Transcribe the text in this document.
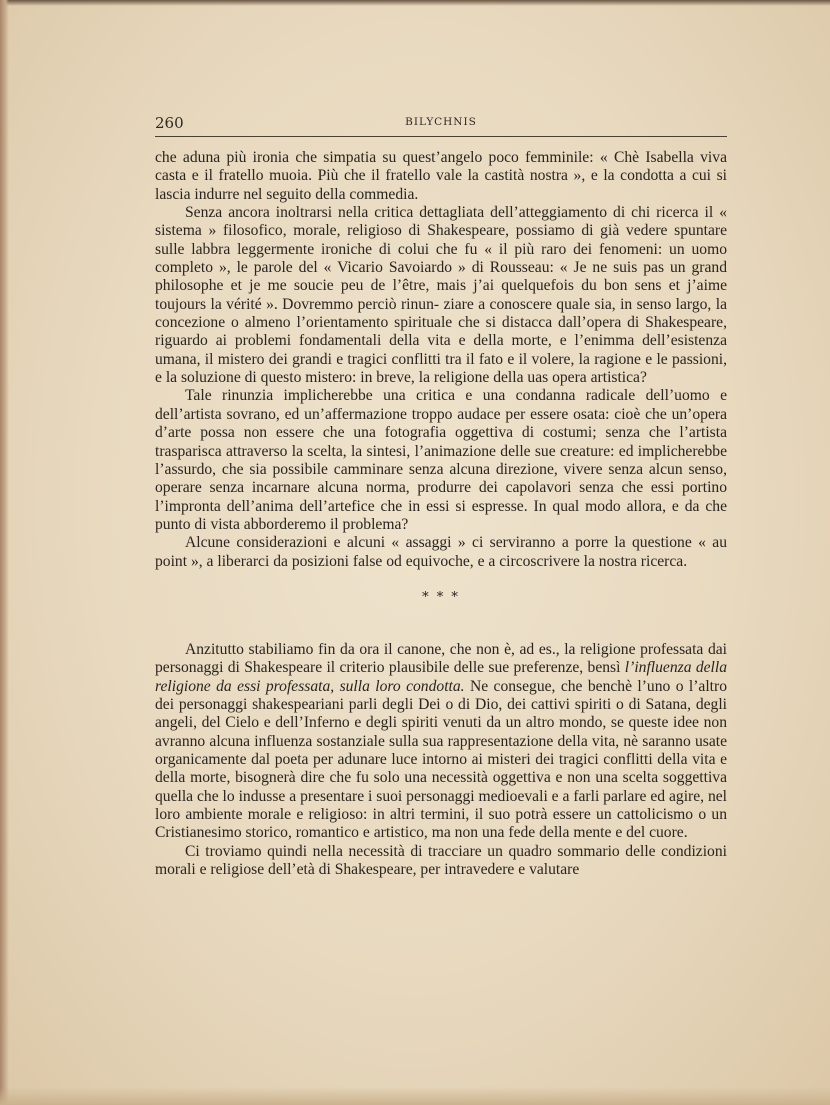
260	BILYCHNIS

che aduna più ironia che simpatia su quest’angelo poco femminile: « Chè Isabella viva casta e il fratello muoia. Più che il fratello vale la castità nostra », e la condotta a cui si lascia indurre nel seguito della commedia.

Senza ancora inoltrarsi nella critica dettagliata dell’atteggiamento di chi ricerca il « sistema » filosofico, morale, religioso di Shakespeare, possiamo di già vedere spuntare sulle labbra leggermente ironiche di colui che fu « il più raro dei fenomeni: un uomo completo », le parole del « Vicario Savoiardo » di Rousseau: « Je ne suis pas un grand philosophe et je me soucie peu de l’être, mais j’ai quelquefois du bon sens et j’aime toujours la vérité ». Dovremmo perciò rinun- ziare a conoscere quale sia, in senso largo, la concezione o almeno l’orientamento spirituale che si distacca dall’opera di Shakespeare, riguardo ai problemi fondamentali della vita e della morte, e l’enimma dell’esistenza umana, il mistero dei grandi e tragici conflitti tra il fato e il volere, la ragione e le passioni, e la soluzione di questo mistero: in breve, la religione della uas opera artistica?

Tale rinunzia implicherebbe una critica e una condanna radicale dell’uomo e dell’artista sovrano, ed un’affermazione troppo audace per essere osata: cioè che un’opera d’arte possa non essere che una fotografia oggettiva di costumi; senza che l’artista trasparisca attraverso la scelta, la sintesi, l’animazione delle sue creature: ed implicherebbe l’assurdo, che sia possibile camminare senza alcuna direzione, vivere senza alcun senso, operare senza incarnare alcuna norma, produrre dei capolavori senza che essi portino l’impronta dell’anima dell’artefice che in essi si espresse. In qual modo allora, e da che punto di vista abborderemo il problema?

Alcune considerazioni e alcuni « assaggi » ci serviranno a porre la questione « au point », a liberarci da posizioni false od equivoche, e a circoscrivere la nostra ricerca.

* * *

Anzitutto stabiliamo fin da ora il canone, che non è, ad es., la religione professata dai personaggi di Shakespeare il criterio plausibile delle sue preferenze, bensì l’influenza della religione da essi professata, sulla loro condotta. Ne consegue, che benchè l’uno o l’altro dei personaggi shakespeariani parli degli Dei o di Dio, dei cattivi spiriti o di Satana, degli angeli, del Cielo e dell’Inferno e degli spiriti venuti da un altro mondo, se queste idee non avranno alcuna influenza sostanziale sulla sua rappresentazione della vita, nè saranno usate organicamente dal poeta per adunare luce intorno ai misteri dei tragici conflitti della vita e della morte, bisognerà dire che fu solo una necessità oggettiva e non una scelta soggettiva quella che lo indusse a presentare i suoi personaggi medioevali e a farli parlare ed agire, nel loro ambiente morale e religioso: in altri termini, il suo potrà essere un cattolicismo o un Cristianesimo storico, romantico e artistico, ma non una fede della mente e del cuore.

Ci troviamo quindi nella necessità di tracciare un quadro sommario delle condizioni morali e religiose dell’età di Shakespeare, per intravedere e valutare
